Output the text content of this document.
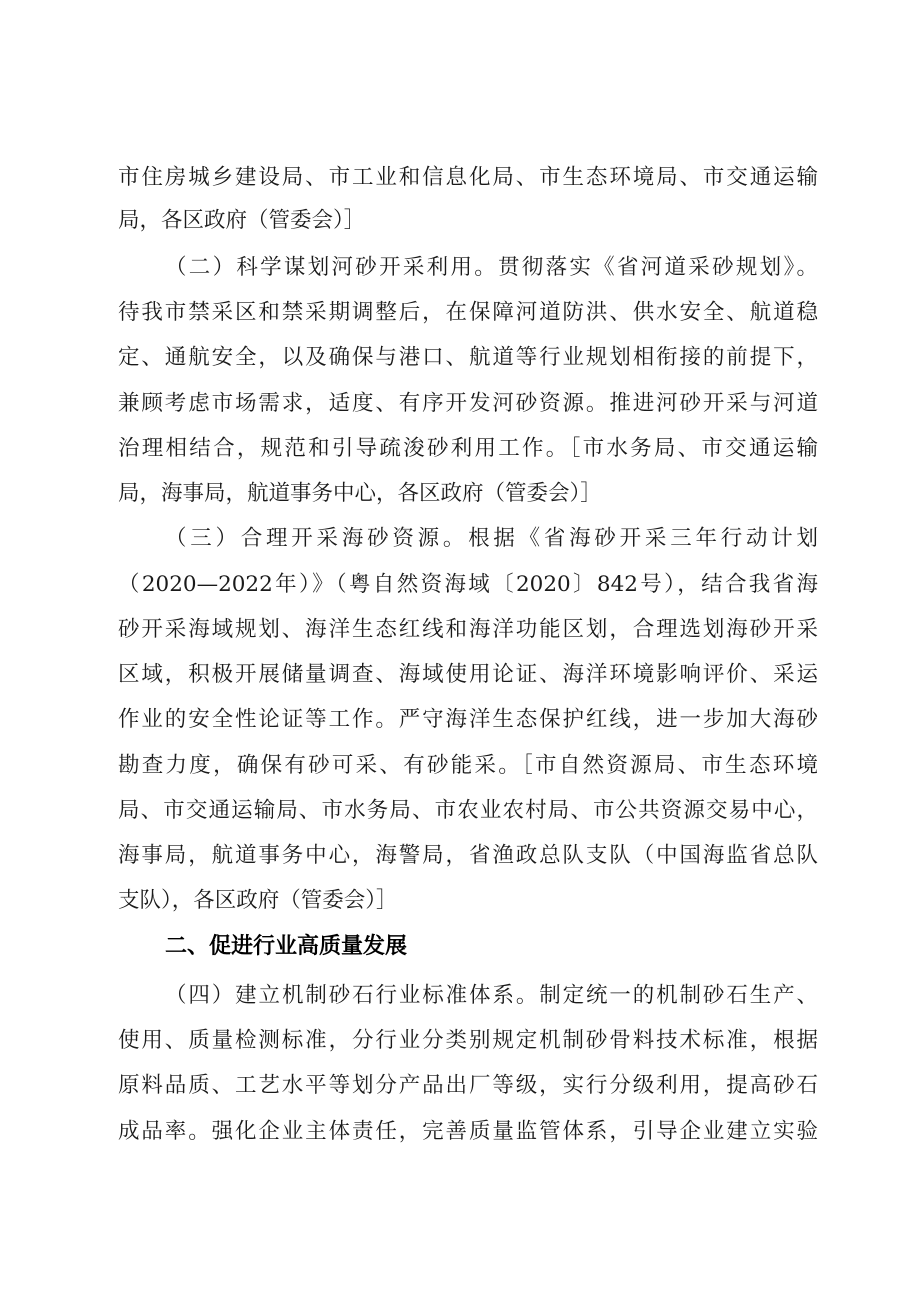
市住房城乡建设局、市工业和信息化局、市生态环境局、市交通运输
局，各区政府（管委会）］
（二）科学谋划河砂开采利用。贯彻落实《省河道采砂规划》。
待我市禁采区和禁采期调整后，在保障河道防洪、供水安全、航道稳
定、通航安全，以及确保与港口、航道等行业规划相衔接的前提下，
兼顾考虑市场需求，适度、有序开发河砂资源。推进河砂开采与河道
治理相结合，规范和引导疏浚砂利用工作。［市水务局、市交通运输
局，海事局，航道事务中心，各区政府（管委会）］
（三）合理开采海砂资源。根据《省海砂开采三年行动计划
（2020—2022年）》（粤自然资海域〔2020〕842号），结合我省海
砂开采海域规划、海洋生态红线和海洋功能区划，合理选划海砂开采
区域，积极开展储量调查、海域使用论证、海洋环境影响评价、采运
作业的安全性论证等工作。严守海洋生态保护红线，进一步加大海砂
勘查力度，确保有砂可采、有砂能采。［市自然资源局、市生态环境
局、市交通运输局、市水务局、市农业农村局、市公共资源交易中心，
海事局，航道事务中心，海警局，省渔政总队支队（中国海监省总队
支队），各区政府（管委会）］
二、促进行业高质量发展
（四）建立机制砂石行业标准体系。制定统一的机制砂石生产、
使用、质量检测标准，分行业分类别规定机制砂骨料技术标准，根据
原料品质、工艺水平等划分产品出厂等级，实行分级利用，提高砂石
成品率。强化企业主体责任，完善质量监管体系，引导企业建立实验
